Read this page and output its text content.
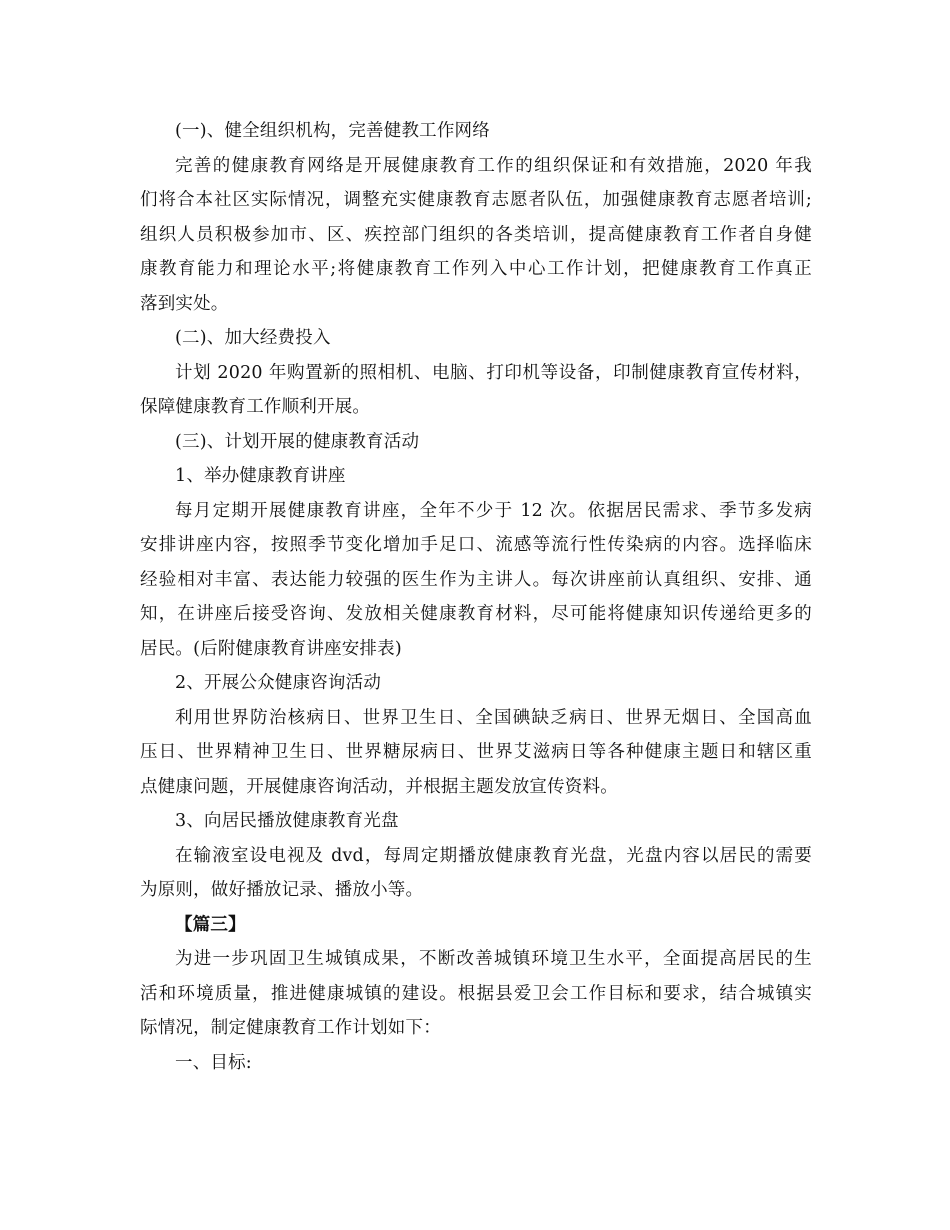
(一)、健全组织机构，完善健教工作网络
完善的健康教育网络是开展健康教育工作的组织保证和有效措施，2020 年我
们将合本社区实际情况，调整充实健康教育志愿者队伍，加强健康教育志愿者培训;
组织人员积极参加市、区、疾控部门组织的各类培训，提高健康教育工作者自身健
康教育能力和理论水平;将健康教育工作列入中心工作计划，把健康教育工作真正
落到实处。
(二)、加大经费投入
计划 2020 年购置新的照相机、电脑、打印机等设备，印制健康教育宣传材料，
保障健康教育工作顺利开展。
(三)、计划开展的健康教育活动
1、举办健康教育讲座
每月定期开展健康教育讲座，全年不少于 12 次。依据居民需求、季节多发病
安排讲座内容，按照季节变化增加手足口、流感等流行性传染病的内容。选择临床
经验相对丰富、表达能力较强的医生作为主讲人。每次讲座前认真组织、安排、通
知，在讲座后接受咨询、发放相关健康教育材料，尽可能将健康知识传递给更多的
居民。(后附健康教育讲座安排表)
2、开展公众健康咨询活动
利用世界防治核病日、世界卫生日、全国碘缺乏病日、世界无烟日、全国高血
压日、世界精神卫生日、世界糖尿病日、世界艾滋病日等各种健康主题日和辖区重
点健康问题，开展健康咨询活动，并根据主题发放宣传资料。
3、向居民播放健康教育光盘
在输液室设电视及 dvd，每周定期播放健康教育光盘，光盘内容以居民的需要
为原则，做好播放记录、播放小等。
【篇三】
为进一步巩固卫生城镇成果，不断改善城镇环境卫生水平，全面提高居民的生
活和环境质量，推进健康城镇的建设。根据县爱卫会工作目标和要求，结合城镇实
际情况，制定健康教育工作计划如下：
一、目标:
